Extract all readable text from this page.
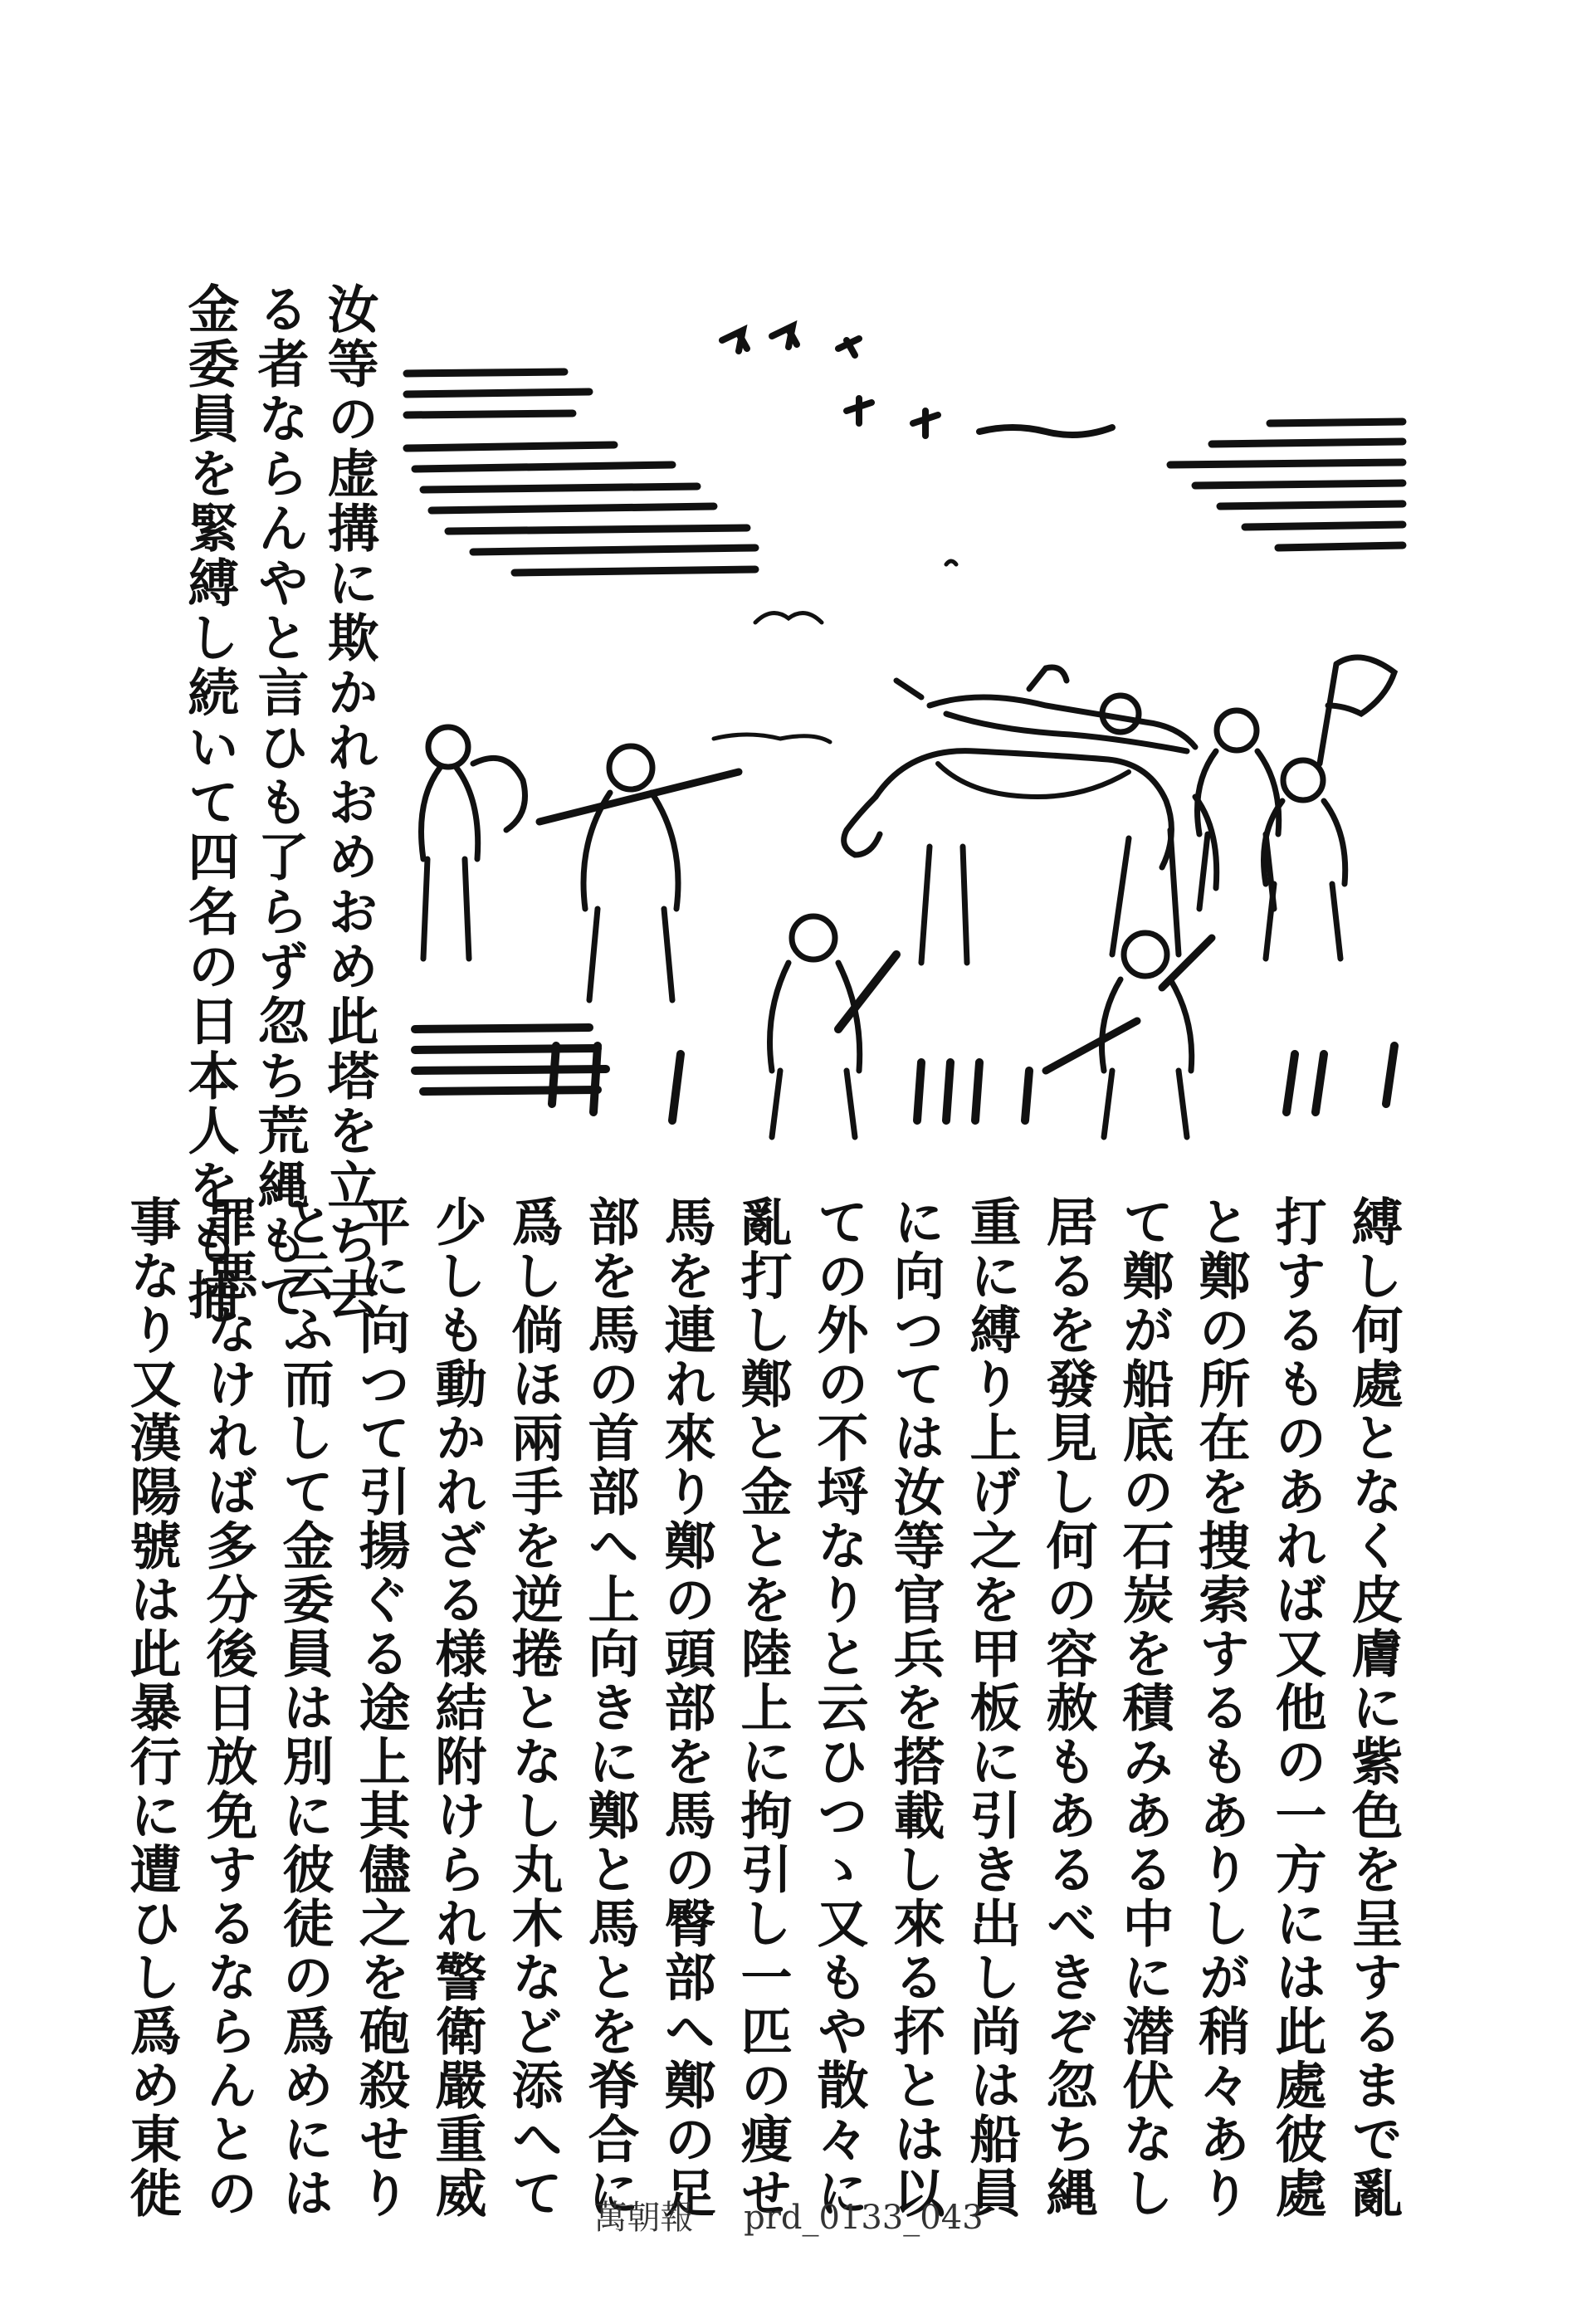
汝等の虚搆に欺かれおめおめ此塔を立ち去

る者ならんやと言ひも了らず忽ち荒縄もて

金委員を緊縛し続いて四名の日本人をも捕

縛し何處となく皮膚に紫色を呈するまで亂

打するものあれば又他の一方には此處彼處

と鄭の所在を捜索するもありしが稍々あり

て鄭が船底の石炭を積みある中に潜伏なし

居るを發見し何の容赦もあるべきぞ忽ち縄

重に縛り上げ之を甲板に引き出し尚は船員

に向つては汝等官兵を搭載し來る抔とは以

ての外の不埒なりと云ひつゝ又もや散々に

亂打し鄭と金とを陸上に拘引し一匹の痩せ

馬を連れ來り鄭の頭部を馬の臀部へ鄭の足

部を馬の首部へ上向きに鄭と馬とを脊合に

爲し倘ほ兩手を逆捲となし丸木など添へて

少しも動かれざる様結附けられ警衛嚴重威

平に向つて引揚ぐる途上其儘之を砲殺せり

と云ふ而して金委員は別に彼徒の爲めには

罪悪なければ多分後日放免するならんとの

事なり又漢陽號は此暴行に遭ひし爲め東徙	萬朝報 prd_0133_043
